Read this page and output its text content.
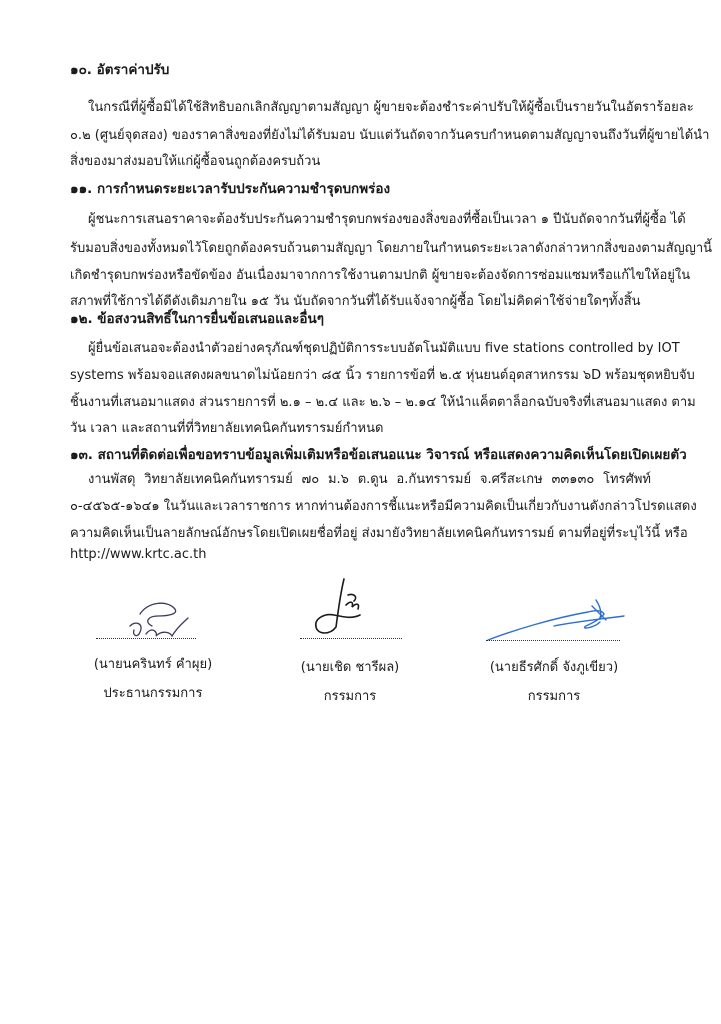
๑๐. อัตราค่าปรับ

ในกรณีที่ผู้ซื้อมิได้ใช้สิทธิบอกเลิกสัญญาตามสัญญา ผู้ขายจะต้องชำระค่าปรับให้ผู้ซื้อเป็นรายวันในอัตราร้อยละ

๐.๒ (ศูนย์จุดสอง) ของราคาสิ่งของที่ยังไม่ได้รับมอบ นับแต่วันถัดจากวันครบกำหนดตามสัญญาจนถึงวันที่ผู้ขายได้นำ

สิ่งของมาส่งมอบให้แก่ผู้ซื้อจนถูกต้องครบถ้วน

๑๑. การกำหนดระยะเวลารับประกันความชำรุดบกพร่อง

ผู้ชนะการเสนอราคาจะต้องรับประกันความชำรุดบกพร่องของสิ่งของที่ซื้อเป็นเวลา ๑ ปีนับถัดจากวันที่ผู้ซื้อ ได้

รับมอบสิ่งของทั้งหมดไว้โดยถูกต้องครบถ้วนตามสัญญา โดยภายในกำหนดระยะเวลาดังกล่าวหากสิ่งของตามสัญญานี้

เกิดชำรุดบกพร่องหรือขัดข้อง อันเนื่องมาจากการใช้งานตามปกติ ผู้ขายจะต้องจัดการซ่อมแซมหรือแก้ไขให้อยู่ใน

สภาพที่ใช้การได้ดีดังเดิมภายใน ๑๕ วัน นับถัดจากวันที่ได้รับแจ้งจากผู้ซื้อ โดยไม่คิดค่าใช้จ่ายใดๆทั้งสิ้น

๑๒. ข้อสงวนสิทธิ์ในการยื่นข้อเสนอและอื่นๆ

ผู้ยื่นข้อเสนอจะต้องนำตัวอย่างครุภัณฑ์ชุดปฏิบัติการระบบอัตโนมัติแบบ five stations controlled by IOT

systems พร้อมจอแสดงผลขนาดไม่น้อยกว่า ๘๕ นิ้ว รายการข้อที่ ๒.๕ หุ่นยนต์อุตสาหกรรม ๖D พร้อมชุดหยิบจับ

ชิ้นงานที่เสนอมาแสดง ส่วนรายการที่ ๒.๑ – ๒.๔ และ ๒.๖ – ๒.๑๔ ให้นำแค็ตตาล็อกฉบับจริงที่เสนอมาแสดง ตาม

วัน เวลา และสถานที่ที่วิทยาลัยเทคนิคกันทรารมย์กำหนด

๑๓. สถานที่ติดต่อเพื่อขอทราบข้อมูลเพิ่มเติมหรือข้อเสนอแนะ วิจารณ์ หรือแสดงความคิดเห็นโดยเปิดเผยตัว

งานพัสดุ วิทยาลัยเทคนิคกันทรารมย์ ๗๐ ม.๖ ต.ดูน อ.กันทรารมย์ จ.ศรีสะเกษ ๓๓๑๓๐ โทรศัพท์

๐-๔๕๖๕-๑๖๔๑ ในวันและเวลาราชการ หากท่านต้องการชี้แนะหรือมีความคิดเป็นเกี่ยวกับงานดังกล่าวโปรดแสดง

ความคิดเห็นเป็นลายลักษณ์อักษรโดยเปิดเผยชื่อที่อยู่ ส่งมายังวิทยาลัยเทคนิคกันทรารมย์ ตามที่อยู่ที่ระบุไว้นี้ หรือ

http://www.krtc.ac.th

(นายนครินทร์ คำผุย)
ประธานกรรมการ
(นายเชิด ชารีผล)
กรรมการ
(นายธีรศักดิ์ จังภูเขียว)
กรรมการ
